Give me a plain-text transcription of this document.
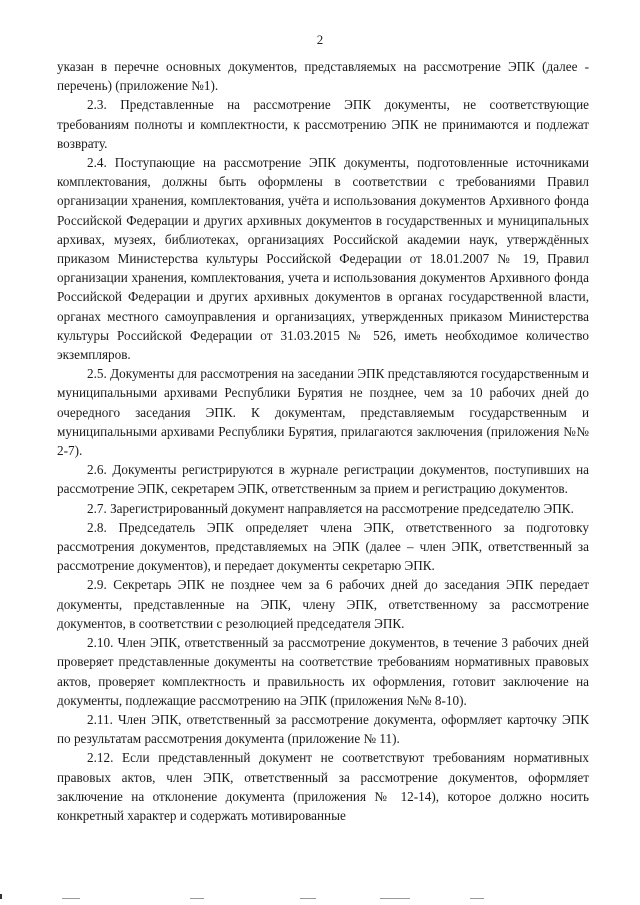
2

указан в перечне основных документов, представляемых на рассмотрение ЭПК (далее - перечень) (приложение №1).

2.3. Представленные на рассмотрение ЭПК документы, не соответствующие требованиям полноты и комплектности, к рассмотрению ЭПК не принимаются и подлежат возврату.

2.4. Поступающие на рассмотрение ЭПК документы, подготовленные источниками комплектования, должны быть оформлены в соответствии с требованиями Правил организации хранения, комплектования, учёта и использования документов Архивного фонда Российской Федерации и других архивных документов в государственных и муниципальных архивах, музеях, библиотеках, организациях Российской академии наук, утверждённых приказом Министерства культуры Российской Федерации от 18.01.2007 № 19, Правил организации хранения, комплектования, учета и использования документов Архивного фонда Российской Федерации и других архивных документов в органах государственной власти, органах местного самоуправления и организациях, утвержденных приказом Министерства культуры Российской Федерации от 31.03.2015 № 526, иметь необходимое количество экземпляров.

2.5. Документы для рассмотрения на заседании ЭПК представляются государственным и муниципальными архивами Республики Бурятия не позднее, чем за 10 рабочих дней до очередного заседания ЭПК. К документам, представляемым государственным и муниципальными архивами Республики Бурятия, прилагаются заключения (приложения №№ 2-7).

2.6. Документы регистрируются в журнале регистрации документов, поступивших на рассмотрение ЭПК, секретарем ЭПК, ответственным за прием и регистрацию документов.

2.7. Зарегистрированный документ направляется на рассмотрение председателю ЭПК.

2.8. Председатель ЭПК определяет члена ЭПК, ответственного за подготовку рассмотрения документов, представляемых на ЭПК (далее – член ЭПК, ответственный за рассмотрение документов), и передает документы секретарю ЭПК.

2.9. Секретарь ЭПК не позднее чем за 6 рабочих дней до заседания ЭПК передает документы, представленные на ЭПК, члену ЭПК, ответственному за рассмотрение документов, в соответствии с резолюцией председателя ЭПК.

2.10. Член ЭПК, ответственный за рассмотрение документов, в течение 3 рабочих дней проверяет представленные документы на соответствие требованиям нормативных правовых актов, проверяет комплектность и правильность их оформления, готовит заключение на документы, подлежащие рассмотрению на ЭПК (приложения №№ 8-10).

2.11. Член ЭПК, ответственный за рассмотрение документа, оформляет карточку ЭПК по результатам рассмотрения документа (приложение № 11).

2.12. Если представленный документ не соответствуют требованиям нормативных правовых актов, член ЭПК, ответственный за рассмотрение документов, оформляет заключение на отклонение документа (приложения № 12-14), которое должно носить конкретный характер и содержать мотивированные
